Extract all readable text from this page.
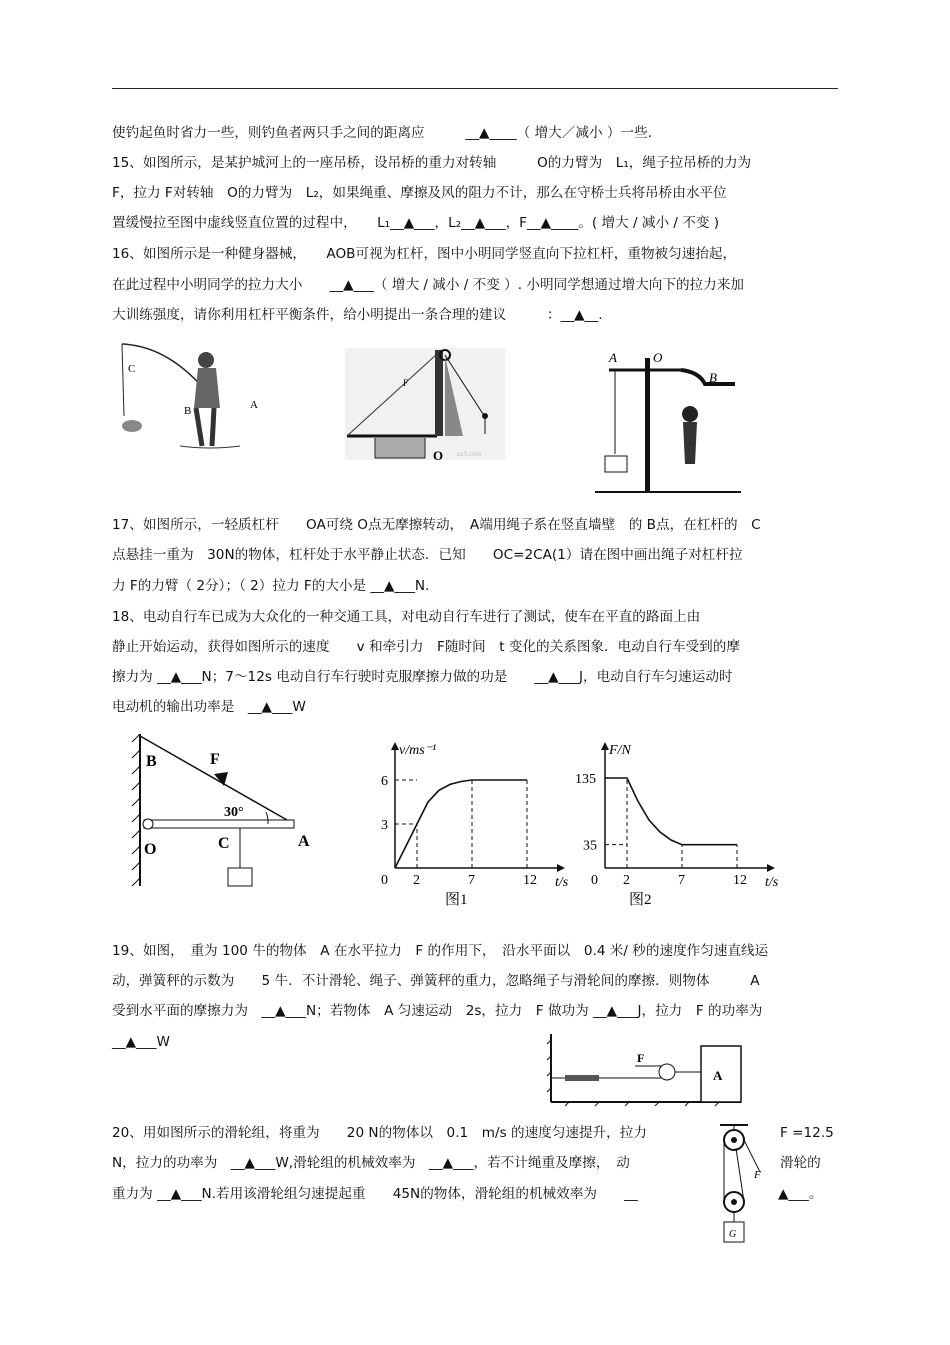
使钓起鱼时省力一些，则钓鱼者两只手之间的距离应　　　__▲____（ 增大／减小 ）一些.
15、如图所示，是某护城河上的一座吊桥，设吊桥的重力对转轴　　　O的力臂为　L₁，绳子拉吊桥的力为
F，拉力 F对转轴　O的力臂为　L₂，如果绳重、摩擦及风的阻力不计，那么在守桥士兵将吊桥由水平位
置缓慢拉至图中虚线竖直位置的过程中，　　L₁__▲___，L₂__▲___，F__▲____。( 增大 / 减小 / 不变 )
16、如图所示是一种健身器械，　　AOB可视为杠杆，图中小明同学竖直向下拉杠杆，重物被匀速抬起，
在此过程中小明同学的拉力大小　　__▲___（ 增大 / 减小 / 不变 ）. 小明同学想通过增大向下的拉力来加
大训练强度，请你利用杠杆平衡条件，给小明提出一条合理的建议　　　：__▲__.
C
B	A
F
O zx5.com
A	O
B
17、如图所示，一轻质杠杆　　OA可绕 O点无摩擦转动，　A端用绳子系在竖直墙壁　的 B点，在杠杆的　C
点悬挂一重为　30N的物体，杠杆处于水平静止状态．已知　　OC=2CA(1）请在图中画出绳子对杠杆拉
力 F的力臂（ 2分）；（ 2）拉力 F的大小是 __▲___N.
18、电动自行车已成为大众化的一种交通工具，对电动自行车进行了测试，使车在平直的路面上由
静止开始运动，获得如图所示的速度　　v 和牵引力　F随时间　t 变化的关系图象．电动自行车受到的摩
擦力为 __▲___N；7～12s 电动自行车行驶时克服摩擦力做的功是　　__▲___J，电动自行车匀速运动时
电动机的输出功率是　__▲___W
B	F
30°
C
O	A
0 2	7	12
3
6
t/s
v/ms⁻¹
图1
0 2	7	12
35
135
t/s
F/N
图2
19、如图，　重为 100 牛的物体　A 在水平拉力　F 的作用下，　沿水平面以　0.4 米/ 秒的速度作匀速直线运
动，弹簧秤的示数为　　5 牛．不计滑轮、绳子、弹簧秤的重力，忽略绳子与滑轮间的摩擦．则物体　　　A
受到水平面的摩擦力为　__▲___N；若物体　A 匀速运动　2s，拉力　F 做功为 __▲___J，拉力　F 的功率为
__▲___W
F
A
20、用如图所示的滑轮组，将重为　　20 N的物体以　0.1　m/s 的速度匀速提升，拉力	F =12.5
N，拉力的功率为　__▲___W,滑轮组的机械效率为　__▲___，若不计绳重及摩擦，　动	滑轮的
重力为 __▲___N.若用该滑轮组匀速提起重　　45N的物体，滑轮组的机械效率为　　__	▲___。
F
G
